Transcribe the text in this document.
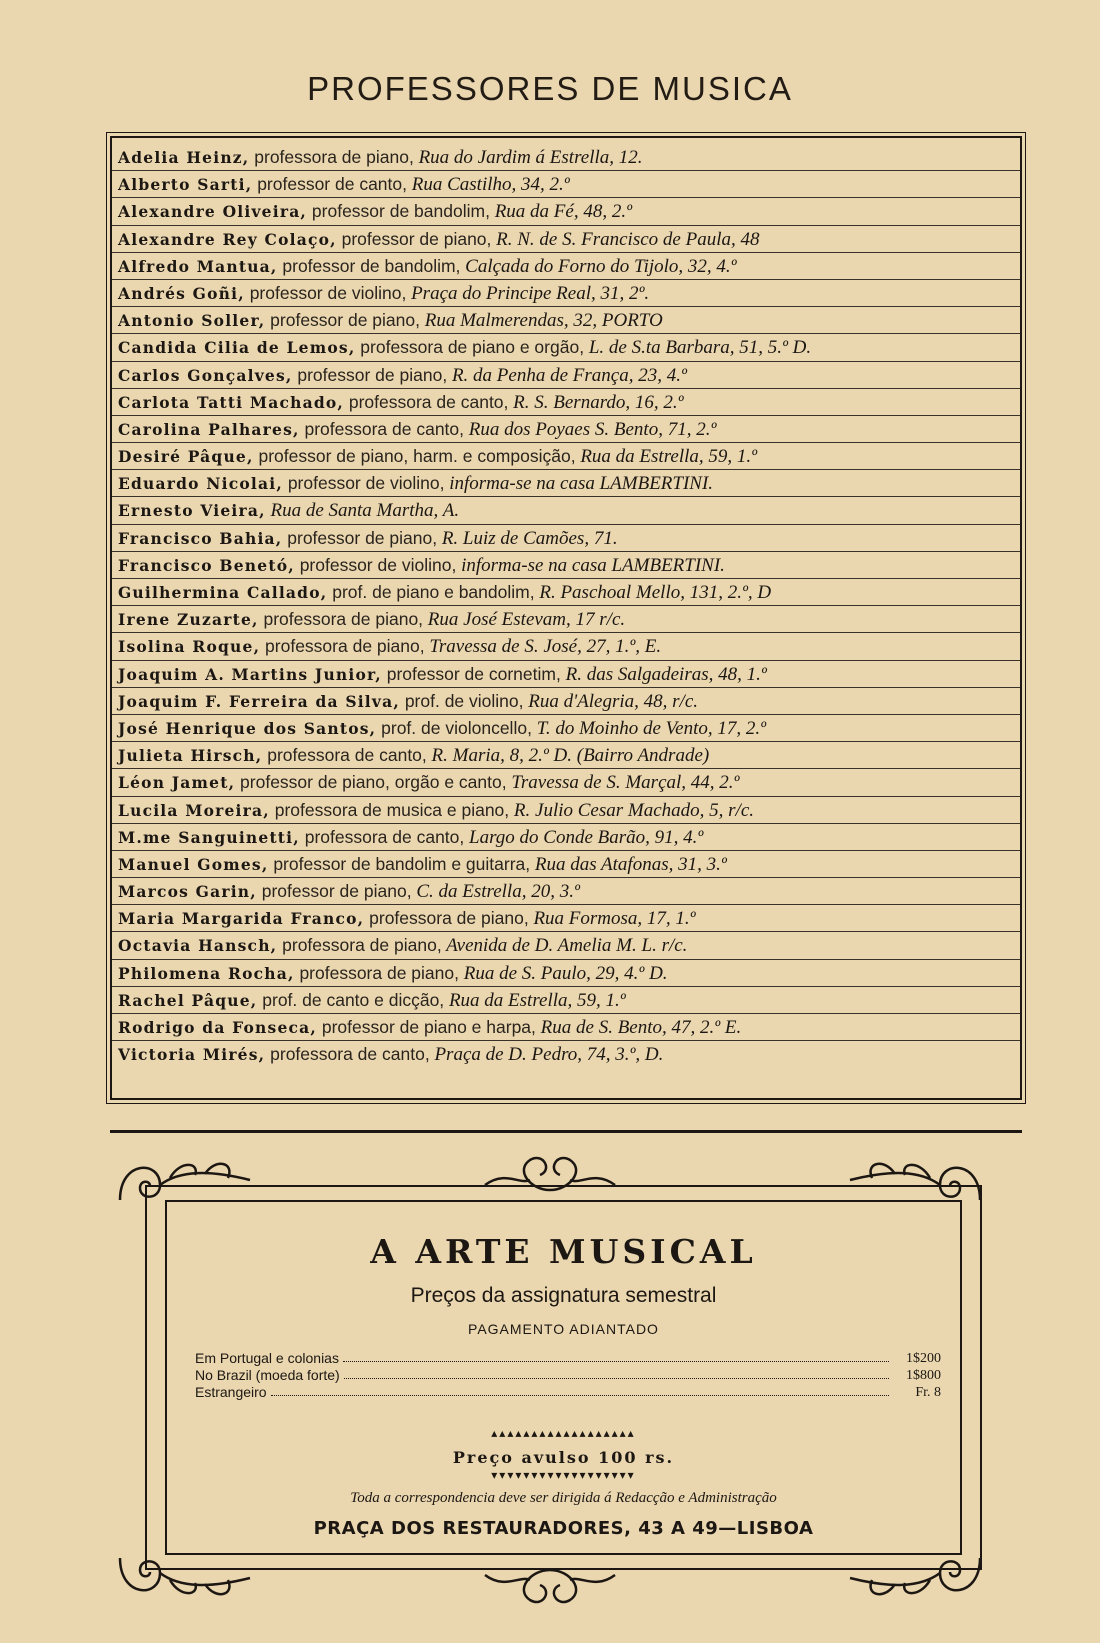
PROFESSORES DE MUSICA
Adelia Heinz, professora de piano, Rua do Jardim á Estrella, 12.
Alberto Sarti, professor de canto, Rua Castilho, 34, 2.º
Alexandre Oliveira, professor de bandolim, Rua da Fé, 48, 2.º
Alexandre Rey Colaço, professor de piano, R. N. de S. Francisco de Paula, 48
Alfredo Mantua, professor de bandolim, Calçada do Forno do Tijolo, 32, 4.º
Andrés Goñi, professor de violino, Praça do Principe Real, 31, 2º.
Antonio Soller, professor de piano, Rua Malmerendas, 32, PORTO
Candida Cilia de Lemos, professora de piano e orgão, L. de S.ta Barbara, 51, 5.º D.
Carlos Gonçalves, professor de piano, R. da Penha de França, 23, 4.º
Carlota Tatti Machado, professora de canto, R. S. Bernardo, 16, 2.º
Carolina Palhares, professora de canto, Rua dos Poyaes S. Bento, 71, 2.º
Desiré Pâque, professor de piano, harm. e composição, Rua da Estrella, 59, 1.º
Eduardo Nicolai, professor de violino, informa-se na casa LAMBERTINI.
Ernesto Vieira, Rua de Santa Martha, A.
Francisco Bahia, professor de piano, R. Luiz de Camões, 71.
Francisco Benetó, professor de violino, informa-se na casa LAMBERTINI.
Guilhermina Callado, prof. de piano e bandolim, R. Paschoal Mello, 131, 2.º, D
Irene Zuzarte, professora de piano, Rua José Estevam, 17 r/c.
Isolina Roque, professora de piano, Travessa de S. José, 27, 1.º, E.
Joaquim A. Martins Junior, professor de cornetim, R. das Salgadeiras, 48, 1.º
Joaquim F. Ferreira da Silva, prof. de violino, Rua d'Alegria, 48, r/c.
José Henrique dos Santos, prof. de violoncello, T. do Moinho de Vento, 17, 2.º
Julieta Hirsch, professora de canto, R. Maria, 8, 2.º D. (Bairro Andrade)
Léon Jamet, professor de piano, orgão e canto, Travessa de S. Marçal, 44, 2.º
Lucila Moreira, professora de musica e piano, R. Julio Cesar Machado, 5, r/c.
M.me Sanguinetti, professora de canto, Largo do Conde Barão, 91, 4.º
Manuel Gomes, professor de bandolim e guitarra, Rua das Atafonas, 31, 3.º
Marcos Garin, professor de piano, C. da Estrella, 20, 3.º
Maria Margarida Franco, professora de piano, Rua Formosa, 17, 1.º
Octavia Hansch, professora de piano, Avenida de D. Amelia M. L. r/c.
Philomena Rocha, professora de piano, Rua de S. Paulo, 29, 4.º D.
Rachel Pâque, prof. de canto e dicção, Rua da Estrella, 59, 1.º
Rodrigo da Fonseca, professor de piano e harpa, Rua de S. Bento, 47, 2.º E.
Victoria Mirés, professora de canto, Praça de D. Pedro, 74, 3.º, D.
A ARTE MUSICAL
Preços da assignatura semestral
PAGAMENTO ADIANTADO
Em Portugal e colonias	1$200
No Brazil (moeda forte)	1$800
Estrangeiro	Fr. 8
▴▴▴▴▴▴▴▴▴▴▴▴▴▴▴▴▴▴
Preço avulso 100 rs.
▾▾▾▾▾▾▾▾▾▾▾▾▾▾▾▾▾▾
Toda a correspondencia deve ser dirigida á Redacção e Administração
PRAÇA DOS RESTAURADORES, 43 A 49—LISBOA
